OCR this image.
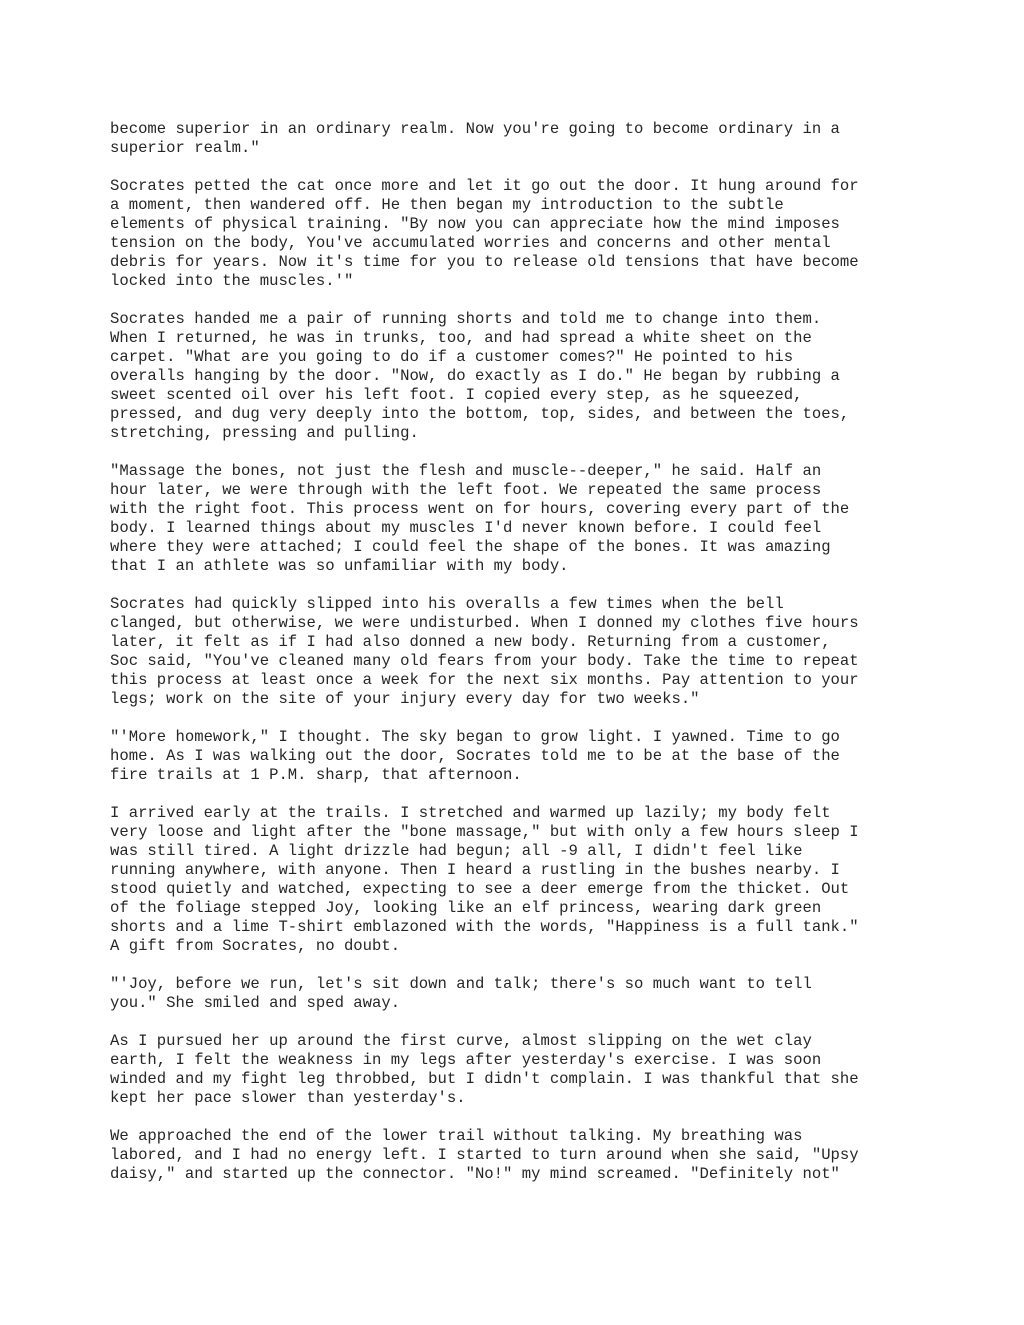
become superior in an ordinary realm. Now you're going to become ordinary in a
superior realm."

Socrates petted the cat once more and let it go out the door. It hung around for
a moment, then wandered off. He then began my introduction to the subtle
elements of physical training. "By now you can appreciate how the mind imposes
tension on the body, You've accumulated worries and concerns and other mental
debris for years. Now it's time for you to release old tensions that have become
locked into the muscles.'"

Socrates handed me a pair of running shorts and told me to change into them.
When I returned, he was in trunks, too, and had spread a white sheet on the
carpet. "What are you going to do if a customer comes?" He pointed to his
overalls hanging by the door. "Now, do exactly as I do." He began by rubbing a
sweet scented oil over his left foot. I copied every step, as he squeezed,
pressed, and dug very deeply into the bottom, top, sides, and between the toes,
stretching, pressing and pulling.

"Massage the bones, not just the flesh and muscle--deeper," he said. Half an
hour later, we were through with the left foot. We repeated the same process
with the right foot. This process went on for hours, covering every part of the
body. I learned things about my muscles I'd never known before. I could feel
where they were attached; I could feel the shape of the bones. It was amazing
that I an athlete was so unfamiliar with my body.

Socrates had quickly slipped into his overalls a few times when the bell
clanged, but otherwise, we were undisturbed. When I donned my clothes five hours
later, it felt as if I had also donned a new body. Returning from a customer,
Soc said, "You've cleaned many old fears from your body. Take the time to repeat
this process at least once a week for the next six months. Pay attention to your
legs; work on the site of your injury every day for two weeks."

"'More homework," I thought. The sky began to grow light. I yawned. Time to go
home. As I was walking out the door, Socrates told me to be at the base of the
fire trails at 1 P.M. sharp, that afternoon.

I arrived early at the trails. I stretched and warmed up lazily; my body felt
very loose and light after the "bone massage," but with only a few hours sleep I
was still tired. A light drizzle had begun; all -9 all, I didn't feel like
running anywhere, with anyone. Then I heard a rustling in the bushes nearby. I
stood quietly and watched, expecting to see a deer emerge from the thicket. Out
of the foliage stepped Joy, looking like an elf princess, wearing dark green
shorts and a lime T-shirt emblazoned with the words, "Happiness is a full tank."
A gift from Socrates, no doubt.

"'Joy, before we run, let's sit down and talk; there's so much want to tell
you." She smiled and sped away.

As I pursued her up around the first curve, almost slipping on the wet clay
earth, I felt the weakness in my legs after yesterday's exercise. I was soon
winded and my fight leg throbbed, but I didn't complain. I was thankful that she
kept her pace slower than yesterday's.

We approached the end of the lower trail without talking. My breathing was
labored, and I had no energy left. I started to turn around when she said, "Upsy
daisy," and started up the connector. "No!" my mind screamed. "Definitely not"
